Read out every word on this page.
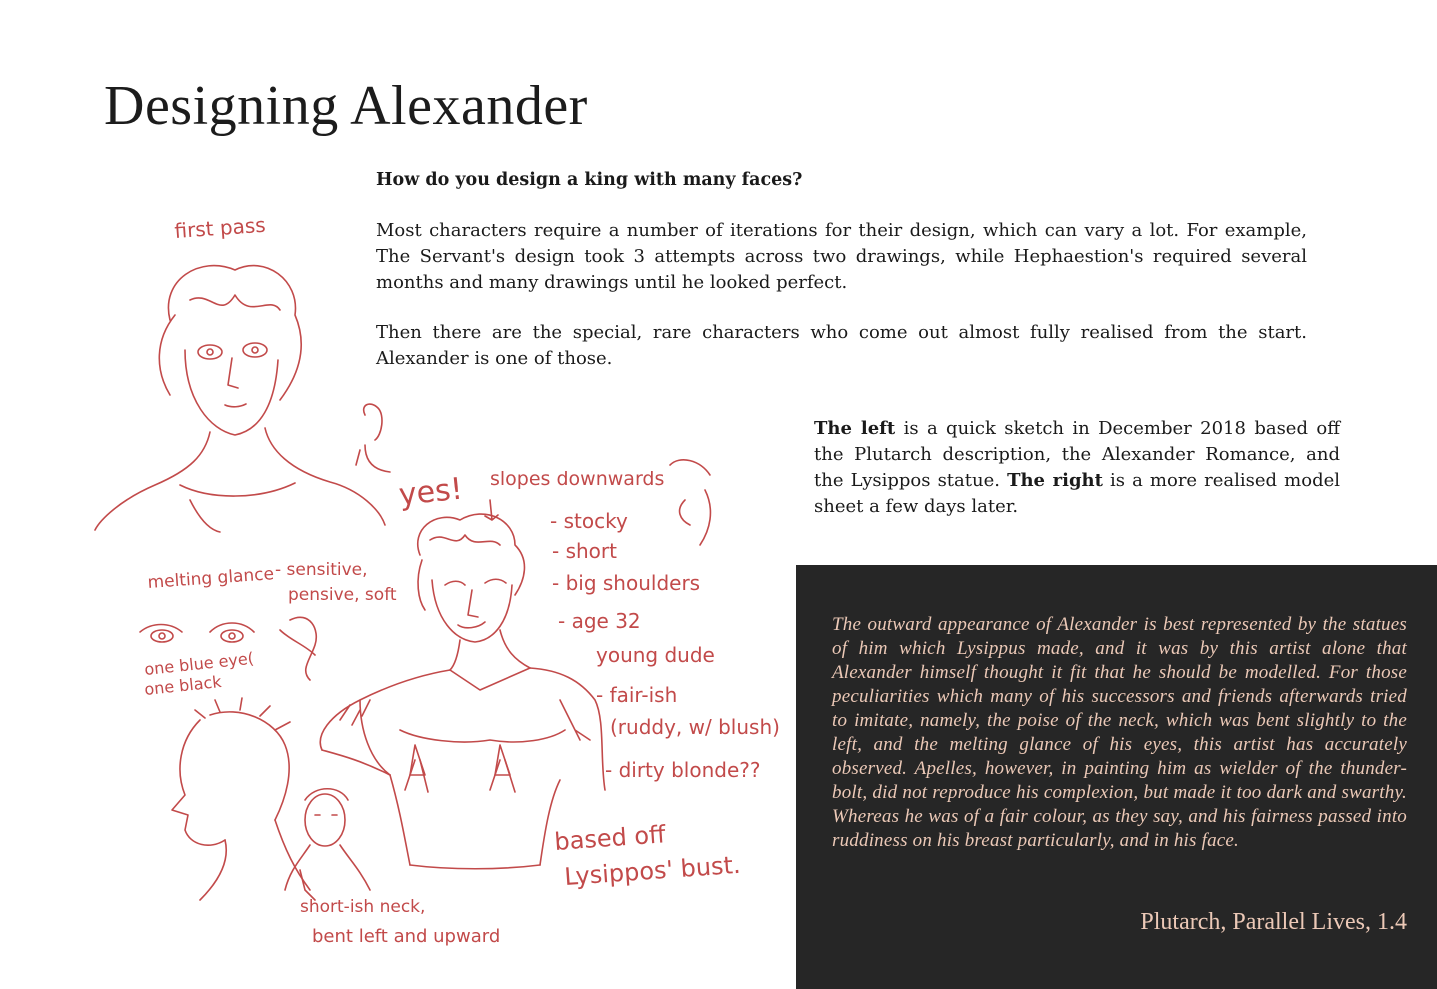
Designing Alexander

How do you design a king with many faces?

Most characters require a number of iterations for their design, which can vary a lot. For example, The Servant's design took 3 attempts across two drawings, while Hephaestion's required several months and many drawings until he looked perfect.

Then there are the special, rare characters who come out almost fully realised from the start. Alexander is one of those.

The left is a quick sketch in December 2018 based off the Plutarch description, the Alexander Romance, and the Lysippos statue. The right is a more realised model sheet a few days later.

The outward appearance of Alexander is best represented by the statues of him which Lysippus made, and it was by this artist alone that Alexander himself thought it fit that he should be modelled. For those peculiarities which many of his successors and friends afterwards tried to imitate, namely, the poise of the neck, which was bent slightly to the left, and the melting glance of his eyes, this artist has accurately observed. Apelles, however, in painting him as wielder of the thunder-bolt, did not reproduce his complexion, but made it too dark and swarthy. Whereas he was of a fair colour, as they say, and his fairness passed into ruddiness on his breast particularly, and in his face.

Plutarch, Parallel Lives, 1.4

first pass
yes! slopes downwards
- stocky
- short
- big shoulders
- age 32
young dude
- fair-ish
(ruddy, w/ blush)
- dirty blonde??
melting glance - sensitive,
pensive, soft
one blue eye(
one black
based off
Lysippos' bust.
short-ish neck,
bent left and upward
